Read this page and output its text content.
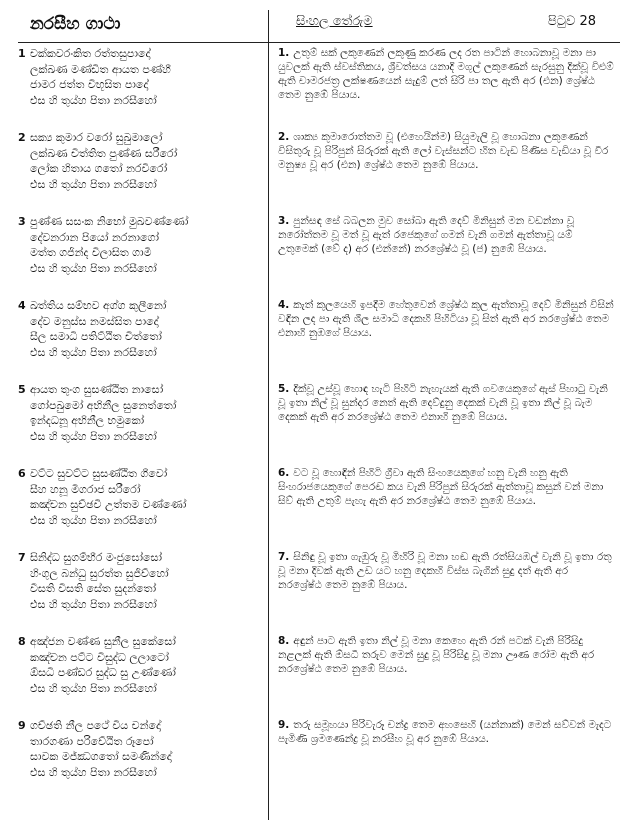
නරසීහ ගාථා	සිංහල තේරුම	පිටුව 28
1 චක්කවරංකිත රත්තසුපාදෝ
ලක්ඛණ මණ්ඩිත ආයත පණ්හී
ජාමර ජත්ත විභූසිත පාදෝ
එස හි තුය්හ පිතා නරසීහෝ
2 සක්‍ය කුමාර වරෝ සුඛුමාලෝ
ලක්ඛණ චිත්තිත පුණ්ණ සරීරෝ
ලෝක හිතාය ගතෝ නරවීරෝ
එස හි තුය්හ පිතා නරසීහෝ
3 පුණ්ණ සසංක නිභෝ මුඛවණ්ණෝ
දේවනරාන පියෝ නරනාගෝ
මත්ත ගජින්ද විලාසිත ගාමී
එස හි තුය්හ පිතා නරසීහෝ
4 ඛත්තිය සම්භව අග්ග කුලීනෝ
දේව මනුස්ස නමස්සිත පාදෝ
සීල සමාධි පතිට්ඨිත චිත්තෝ
එස හි තුය්හ පිතා නරසීහෝ
5 ආයත තුංග සුසණ්ඨිත නාසෝ
ගෝපඛුමෝ අභිනීල සුනෙත්තෝ
ඉන්දධනූ අභිනීල භමුකෝ
එස හි තුය්හ පිතා නරසීහෝ
6 වට්ට සුවට්ට සුසණ්ඨිත ගීවෝ
සීහ හනූ මිගරාජ සරීරෝ
කඤ්චන සුච්ඡවි උත්තම වණ්ණෝ
එස හි තුය්හ පිතා නරසීහෝ
7 සිනිද්ධ සුගම්භීර මංජුඝෝසෝ
හිංගුල බන්ධු සුරත්ත සුජිව්හෝ
වීසති වීසති සේත සුදන්තෝ
එස හි තුය්හ පිතා නරසීහෝ
8 අඤ්ජන වණ්ණ සුනීල සුකේසෝ
කඤ්චන පට්ට විසුද්ධ ලලාටෝ
ඕසධි පණ්ඩර සුද්ධ සු උණ්ණෝ
එස හි තුය්හ පිතා නරසීහෝ
9 ගච්ඡති නීල පථේ විය චන්දෝ
තාරගණා පරිවේඨිත රූපෝ
සාවක මජ්ඣගතෝ සමණින්දෝ
එස හි තුය්හ පිතා නරසීහෝ
1. උතුම් සක් ලකුණෙන් ලකුණු කරණ ලද රත පාටින් හොබනාවූ මනා පා යුවලක් ඇති ස්වස්තිකය, ශ්‍රීවත්සය යනාදි මගුල් ලකුණෙන් සැරසුනු දික්වූ විළුම් ඇති චාමරජත්‍ර ලක්ෂණයෙන් සැදුම් ලත් සිරි පා තල ඇති අර (එන) ශ්‍රේෂ්ඨ තෙම නුඹේ පියාය.
2. ශාක්‍ය කුමාරොත්තම වූ (එහෙයින්ම) සියුමැලි වූ හොබනා ලකුණෙන් විසිතුරු වූ පිරිපුන් සිරුරක් ඇති ලෝ වැස්සන්ට හිත වැඩ පිණිස වැඩියා වූ වීර මනුෂ්‍ය වූ අර (එන) ශ්‍රේෂ්ඨ තෙම නුඹේ පියාය.
3. පුන්සඳ සේ බබලන මුව සෝබා ඇති දෙව් මිනිසුන් මන වඩන්නා වූ නරෝත්තම වූ මත් වූ ඇත් රජෙකුගේ ගමන් වැනි ගමන් ඇත්තාවූ යම් උතුමෙක් (වේ ද) අර (එන්නේ) නරශ්‍රේෂ්ඨ වූ (ජ) නුඹේ පියාය.
4. කැත් කුලයෙහි ඉපදීම හේතුවෙන් ශ්‍රේෂ්ඨ කුල ඇත්තාවූ දෙව් මිනිසුන් විසින් වඳින ලද පා ඇති ශීල සමාධි දෙකහි පිහිටියා වූ සිත් ඇති අර නරශ්‍රේෂ්ඨ තෙම එනාහි නුඹගේ පියාය.
5. දික්වූ උස්වූ හොඳ හැටි පිහිටි නැහැයක් ඇති ගවයෙකුගේ ඇස් පිහාටු වැනි වූ ඉතා නිල් වූ සුන්දර නෙත් ඇති දෙව්දුනු දෙකක් වැනි වූ ඉතා නිල් වූ බැම දෙකක් ඇති අර නරශ්‍රේෂ්ඨ තෙම එනාහි නුඹේ පියාය.
6. වට වූ හොඳින් පිහිටි ග්‍රීවා ඇති සිංහයෙකුගේ හනු වැනි හනු ඇති සිංහරාජයෙකුගේ පෙරඬ කය වැනි පිරිපුන් සිරුරක් ඇත්තාවූ කසුන් වන් මනා සිව් ඇති උතුම් පැහැ ඇති අර නරශ්‍රේෂ්ඨ තෙම නුඹේ පියාය.
7. සිනිඳු වූ ඉතා ගැඹුරු වූ මිහිරි වූ මනා හඬ ඇති රත්සියඹල් වැනි වූ ඉතා රතු වූ මනා දිවක් ඇති උඩ යට හනු දෙකහි විස්ස බැගින් සුදු දත් ඇති අර නරශ්‍රේෂ්ඨ තෙම නුඹේ පියාය.
8. අඳුන් පාට ඇති ඉතා නිල් වූ මනා කෙහෙ ඇති රන් පටක් වැනි පිරිසිදු නළලක් ඇති ඕසධී තරුව මෙන් සුදු වූ පිරිසිදු වූ මනා ඌණ රෝම ඇති අර නරශ්‍රේෂ්ඨ තෙම නුඹේ පියාය.
9. තරු සමූහයා පිරිවැරූ චන්ද්‍ර තෙම අහසෙහි (යන්නාක්) මෙන් සව්වන් මැදට පැමිණි ශ්‍රමණෙන්ද්‍ර වූ නරසීහ වූ අර නුඹේ පියාය.
